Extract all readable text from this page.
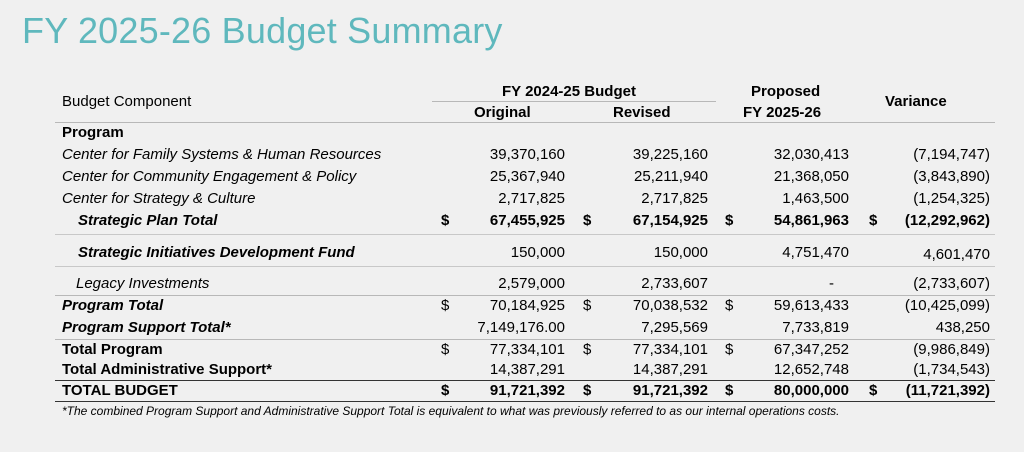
FY 2025-26 Budget Summary
Budget Component
FY 2024-25 Budget
Original	Revised
Proposed
FY 2025-26
Variance
Program
Center for Family Systems & Human Resources	39,370,160	39,225,160	32,030,413	(7,194,747)
Center for Community Engagement & Policy	25,367,940	25,211,940	21,368,050	(3,843,890)
Center for Strategy & Culture	2,717,825	2,717,825	1,463,500	(1,254,325)
Strategic Plan Total	$	67,455,925 $	67,154,925 $	54,861,963 $ (12,292,962)
Strategic Initiatives Development Fund	150,000	150,000	4,751,470	4,601,470
Legacy Investments	2,579,000	2,733,607	-	(2,733,607)
Program Total	$	70,184,925 $	70,038,532 $	59,613,433	(10,425,099)
Program Support Total*	7,149,176.00	7,295,569	7,733,819	438,250
Total Program	$	77,334,101 $	77,334,101 $	67,347,252	(9,986,849)
Total Administrative Support*	14,387,291	14,387,291	12,652,748	(1,734,543)
TOTAL BUDGET	$	91,721,392 $	91,721,392 $	80,000,000 $ (11,721,392)
*The combined Program Support and Administrative Support Total is equivalent to what was previously referred to as our internal operations costs.
